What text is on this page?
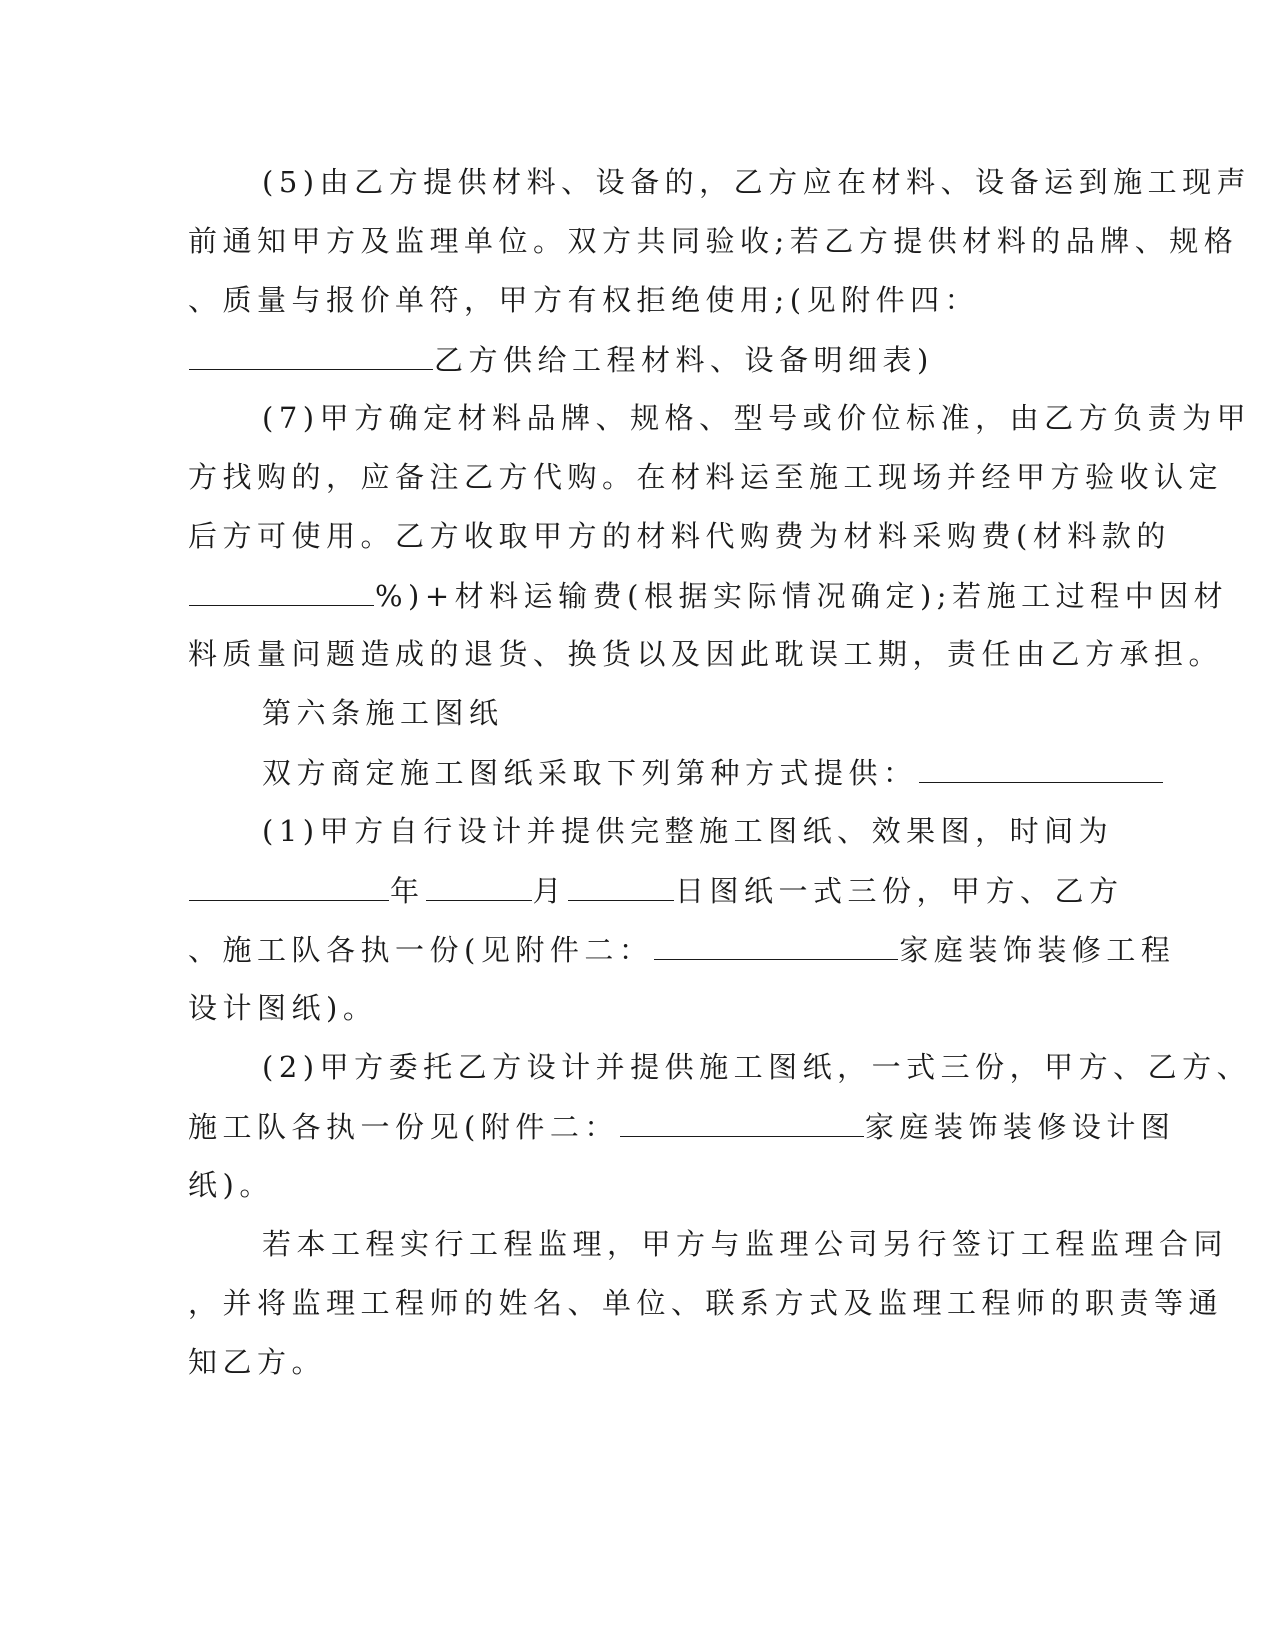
(5)由乙方提供材料、设备的，乙方应在材料、设备运到施工现声
前通知甲方及监理单位。双方共同验收;若乙方提供材料的品牌、规格
、质量与报价单符，甲方有权拒绝使用;(见附件四：
乙方供给工程材料、设备明细表)
(7)甲方确定材料品牌、规格、型号或价位标准，由乙方负责为甲
方找购的，应备注乙方代购。在材料运至施工现场并经甲方验收认定
后方可使用。乙方收取甲方的材料代购费为材料采购费(材料款的
%)+材料运输费(根据实际情况确定);若施工过程中因材
料质量问题造成的退货、换货以及因此耽误工期，责任由乙方承担。
第六条施工图纸
双方商定施工图纸采取下列第种方式提供：
(1)甲方自行设计并提供完整施工图纸、效果图，时间为
年	月	日图纸一式三份，甲方、乙方
、施工队各执一份(见附件二：	家庭装饰装修工程
设计图纸)。
(2)甲方委托乙方设计并提供施工图纸，一式三份，甲方、乙方、
施工队各执一份见(附件二：	家庭装饰装修设计图
纸)。
若本工程实行工程监理，甲方与监理公司另行签订工程监理合同
，并将监理工程师的姓名、单位、联系方式及监理工程师的职责等通
知乙方。
